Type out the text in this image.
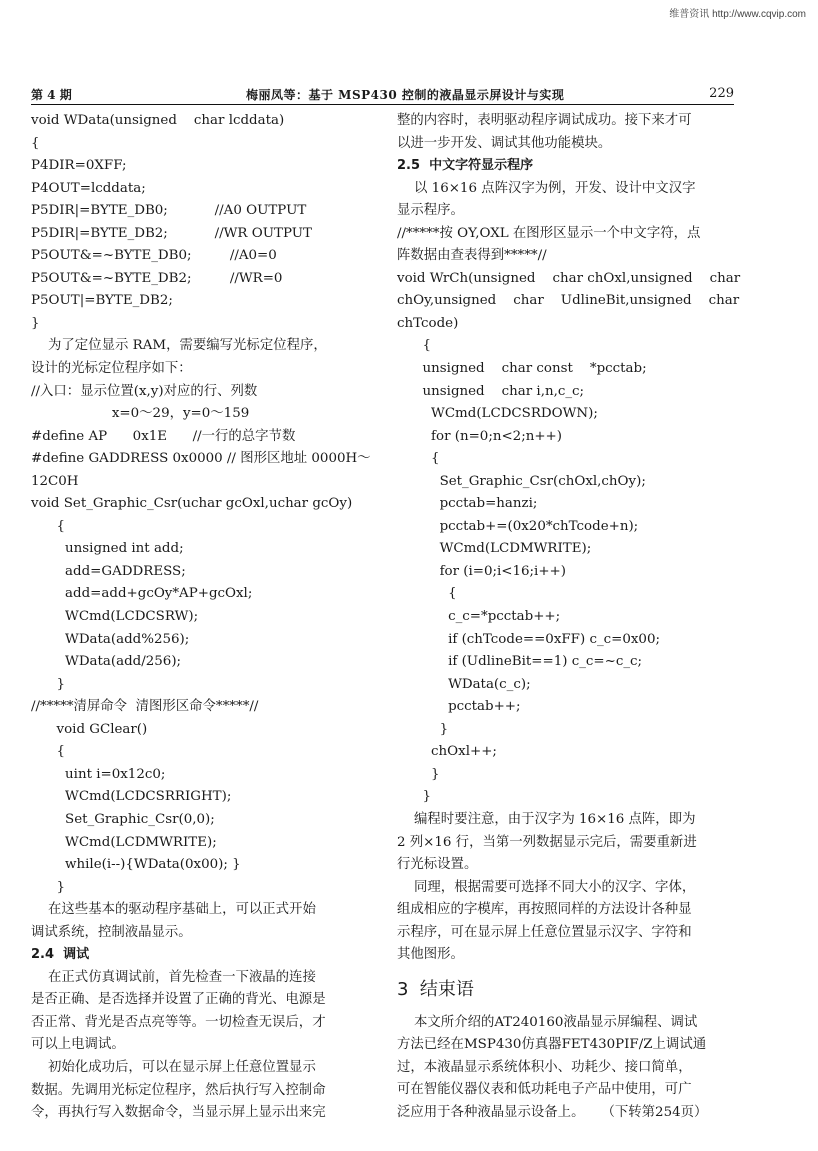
维普资讯 http://www.cqvip.com
第 4 期	梅丽凤等：基于 MSP430 控制的液晶显示屏设计与实现	229
void WData(unsigned    char lcddata)
{
P4DIR=0XFF;
P4OUT=lcddata;
P5DIR|=BYTE_DB0;           //A0 OUTPUT
P5DIR|=BYTE_DB2;           //WR OUTPUT
P5OUT&=~BYTE_DB0;         //A0=0
P5OUT&=~BYTE_DB2;         //WR=0
P5OUT|=BYTE_DB2;
}
为了定位显示 RAM，需要编写光标定位程序，
设计的光标定位程序如下：
//入口：显示位置(x,y)对应的行、列数
x=0～29，y=0～159
#define AP      0x1E      //一行的总字节数
#define GADDRESS 0x0000 // 图形区地址 0000H～
12C0H
void Set_Graphic_Csr(uchar gcOxl,uchar gcOy)
{
unsigned int add;
add=GADDRESS;
add=add+gcOy*AP+gcOxl;
WCmd(LCDCSRW);
WData(add%256);
WData(add/256);
}
//*****清屏命令  清图形区命令*****//
void GClear()
{
uint i=0x12c0;
WCmd(LCDCSRRIGHT);
Set_Graphic_Csr(0,0);
WCmd(LCDMWRITE);
while(i--){WData(0x00); }
}
在这些基本的驱动程序基础上，可以正式开始
调试系统，控制液晶显示。
2.4  调试
在正式仿真调试前，首先检查一下液晶的连接
是否正确、是否选择并设置了正确的背光、电源是
否正常、背光是否点亮等等。一切检查无误后，才
可以上电调试。
初始化成功后，可以在显示屏上任意位置显示
数据。先调用光标定位程序，然后执行写入控制命
令，再执行写入数据命令，当显示屏上显示出来完
整的内容时，表明驱动程序调试成功。接下来才可
以进一步开发、调试其他功能模块。
2.5  中文字符显示程序
以 16×16 点阵汉字为例，开发、设计中文汉字
显示程序。
//*****按 OY,OXL 在图形区显示一个中文字符，点
阵数据由查表得到*****//
void WrCh(unsigned    char chOxl,unsigned    char
chOy,unsigned    char    UdlineBit,unsigned    char
chTcode)
{
unsigned    char const    *pcctab;
unsigned    char i,n,c_c;
WCmd(LCDCSRDOWN);
for (n=0;n<2;n++)
{
Set_Graphic_Csr(chOxl,chOy);
pcctab=hanzi;
pcctab+=(0x20*chTcode+n);
WCmd(LCDMWRITE);
for (i=0;i<16;i++)
{
c_c=*pcctab++;
if (chTcode==0xFF) c_c=0x00;
if (UdlineBit==1) c_c=~c_c;
WData(c_c);
pcctab++;
}
chOxl++;
}
}
编程时要注意，由于汉字为 16×16 点阵，即为
2 列×16 行，当第一列数据显示完后，需要重新进
行光标设置。
同理，根据需要可选择不同大小的汉字、字体，
组成相应的字模库，再按照同样的方法设计各种显
示程序，可在显示屏上任意位置显示汉字、字符和
其他图形。
3  结束语
本文所介绍的AT240160液晶显示屏编程、调试
方法已经在MSP430仿真器FET430PIF/Z上调试通
过，本液晶显示系统体积小、功耗少、接口简单，
可在智能仪器仪表和低功耗电子产品中使用，可广
泛应用于各种液晶显示设备上。    （下转第254页）
